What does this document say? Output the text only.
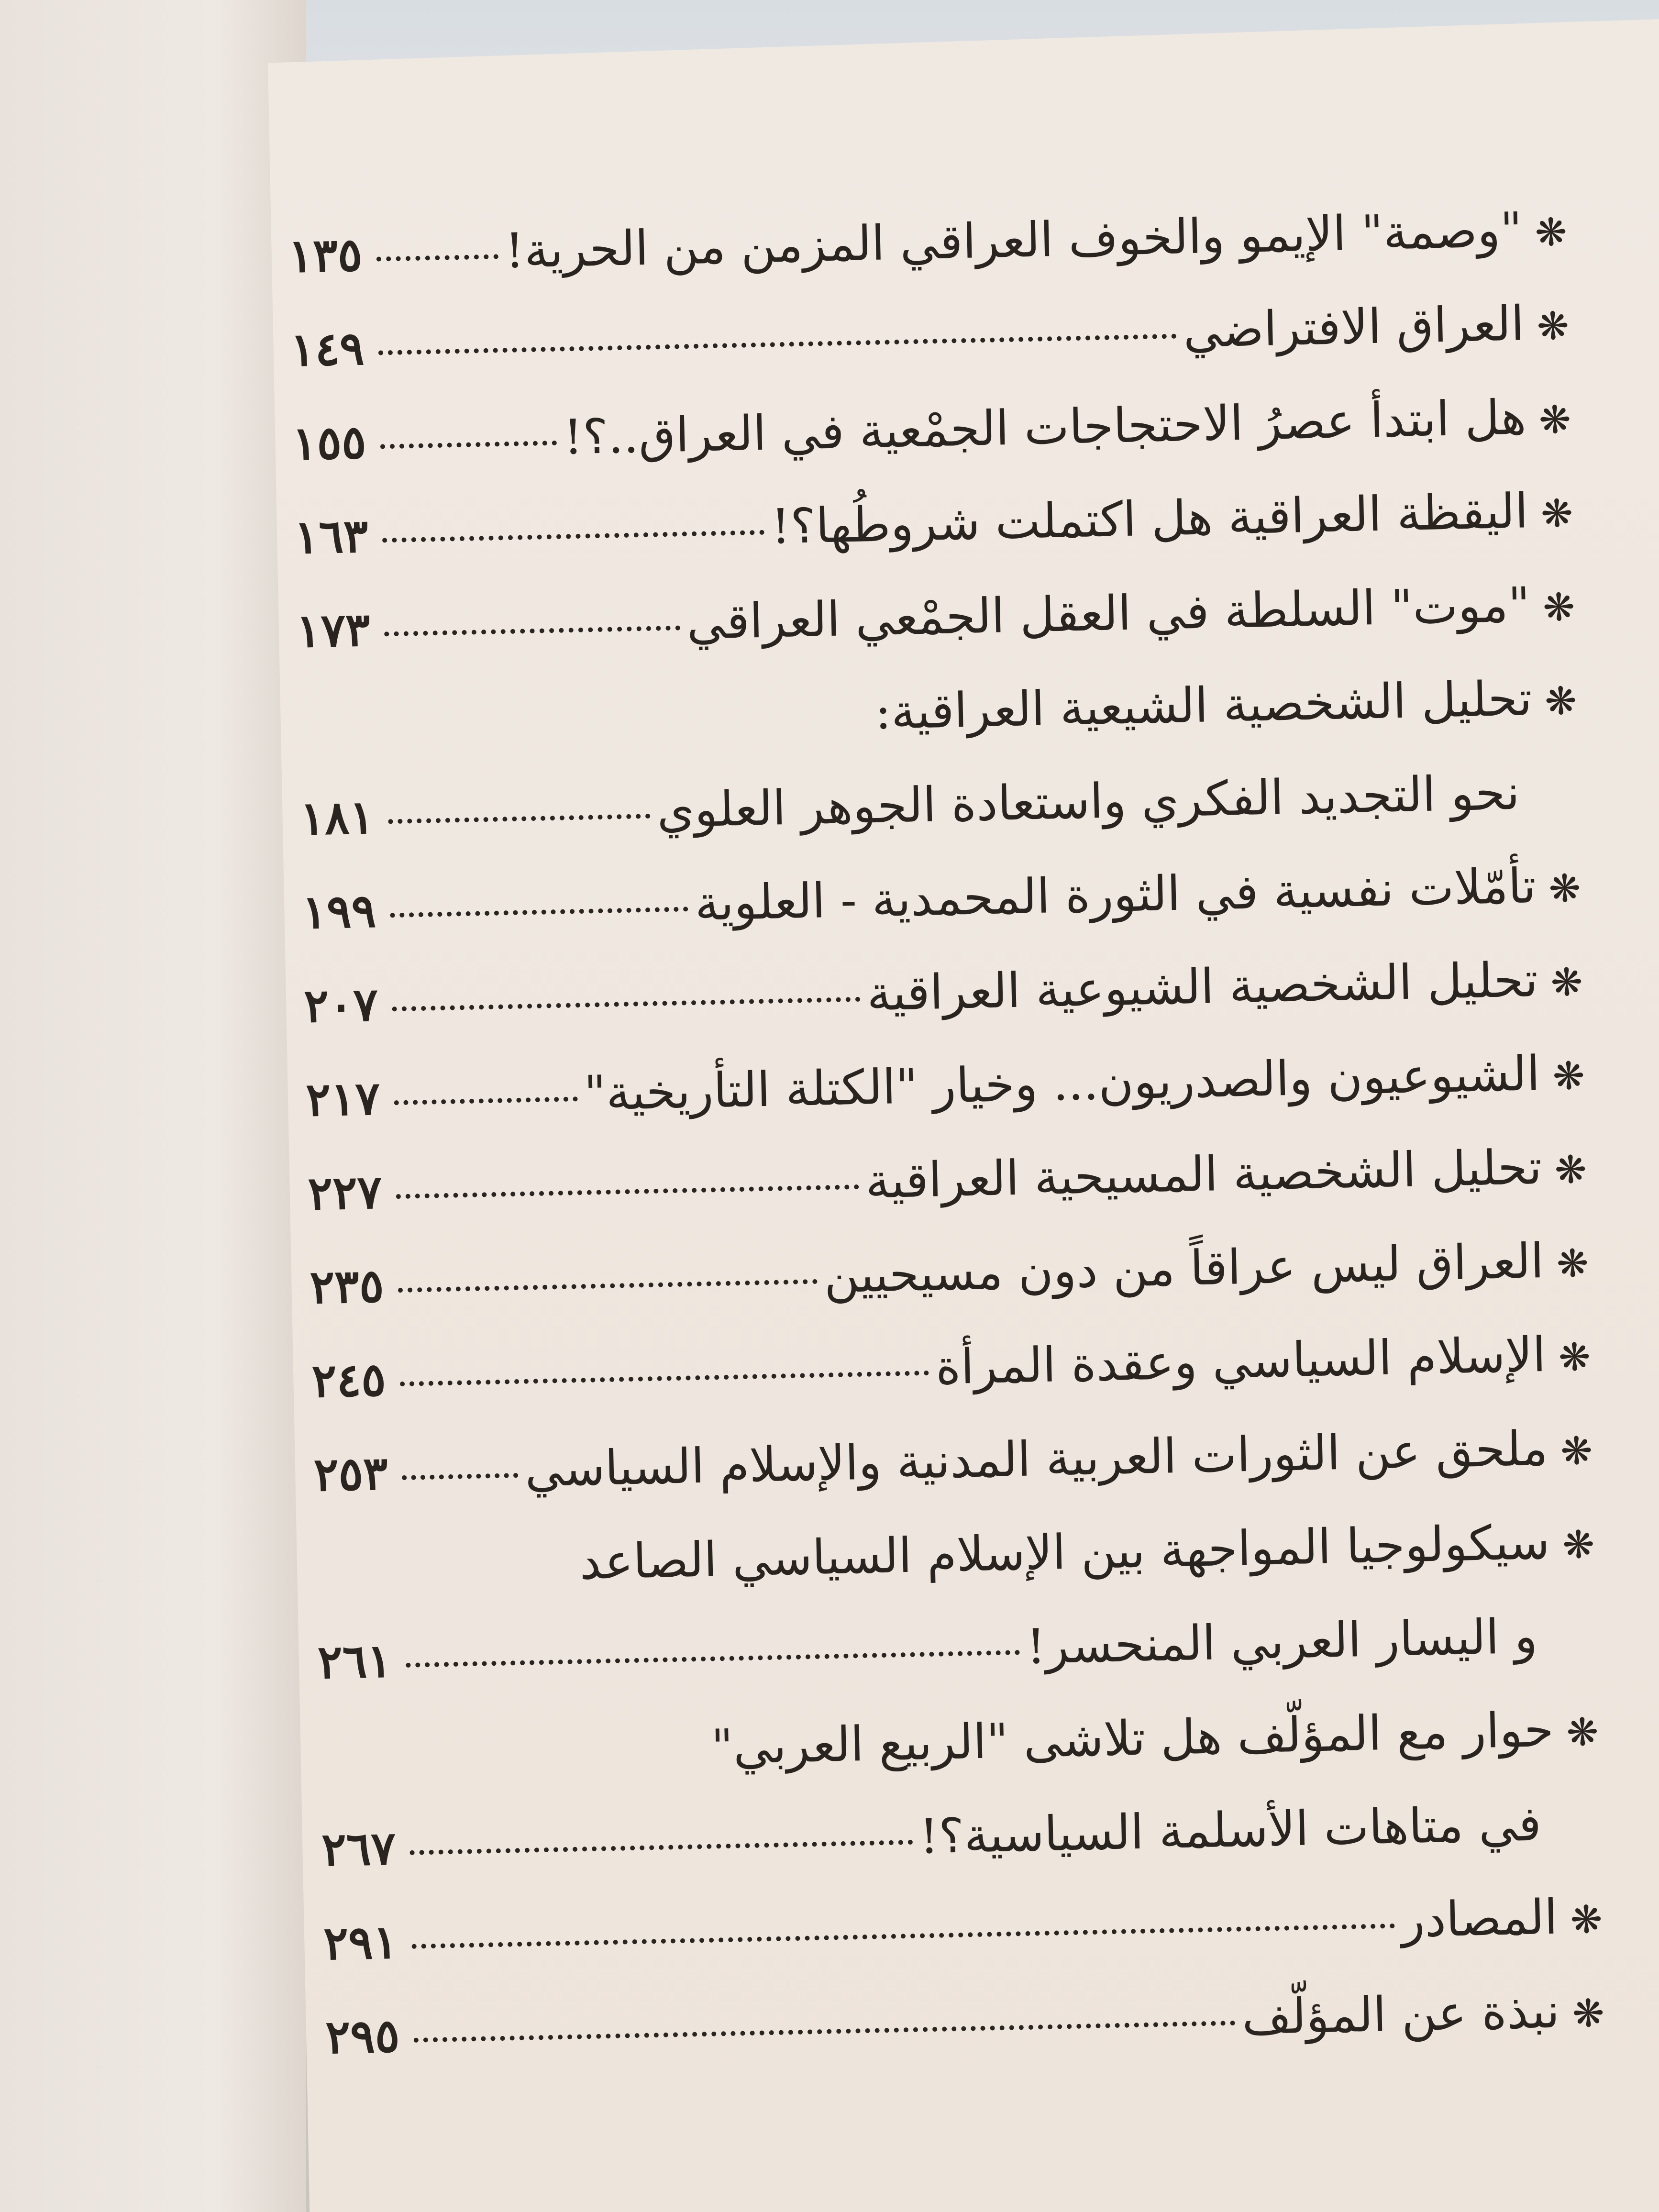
❋
"وصمة" الإيمو والخوف العراقي المزمن من الحرية!
١٣٥
❋
العراق الافتراضي
١٤٩
❋
هل ابتدأ عصرُ الاحتجاجات الجمْعية في العراق..؟!
١٥٥
❋
اليقظة العراقية هل اكتملت شروطُها؟!
١٦٣
❋
"موت" السلطة في العقل الجمْعي العراقي
١٧٣
❋
تحليل الشخصية الشيعية العراقية:
نحو التجديد الفكري واستعادة الجوهر العلوي
١٨١
❋
تأمّلات نفسية في الثورة المحمدية - العلوية
١٩٩
❋
تحليل الشخصية الشيوعية العراقية
٢٠٧
❋
الشيوعيون والصدريون... وخيار "الكتلة التأريخية"
٢١٧
❋
تحليل الشخصية المسيحية العراقية
٢٢٧
❋
العراق ليس عراقاً من دون مسيحيين
٢٣٥
❋
الإسلام السياسي وعقدة المرأة
٢٤٥
❋
ملحق عن الثورات العربية المدنية والإسلام السياسي
٢٥٣
❋
سيكولوجيا المواجهة بين الإسلام السياسي الصاعد
و اليسار العربي المنحسر!
٢٦١
❋
حوار مع المؤلّف هل تلاشى "الربيع العربي"
في متاهات الأسلمة السياسية؟!
٢٦٧
❋
المصادر
٢٩١
❋
نبذة عن المؤلّف
٢٩٥
